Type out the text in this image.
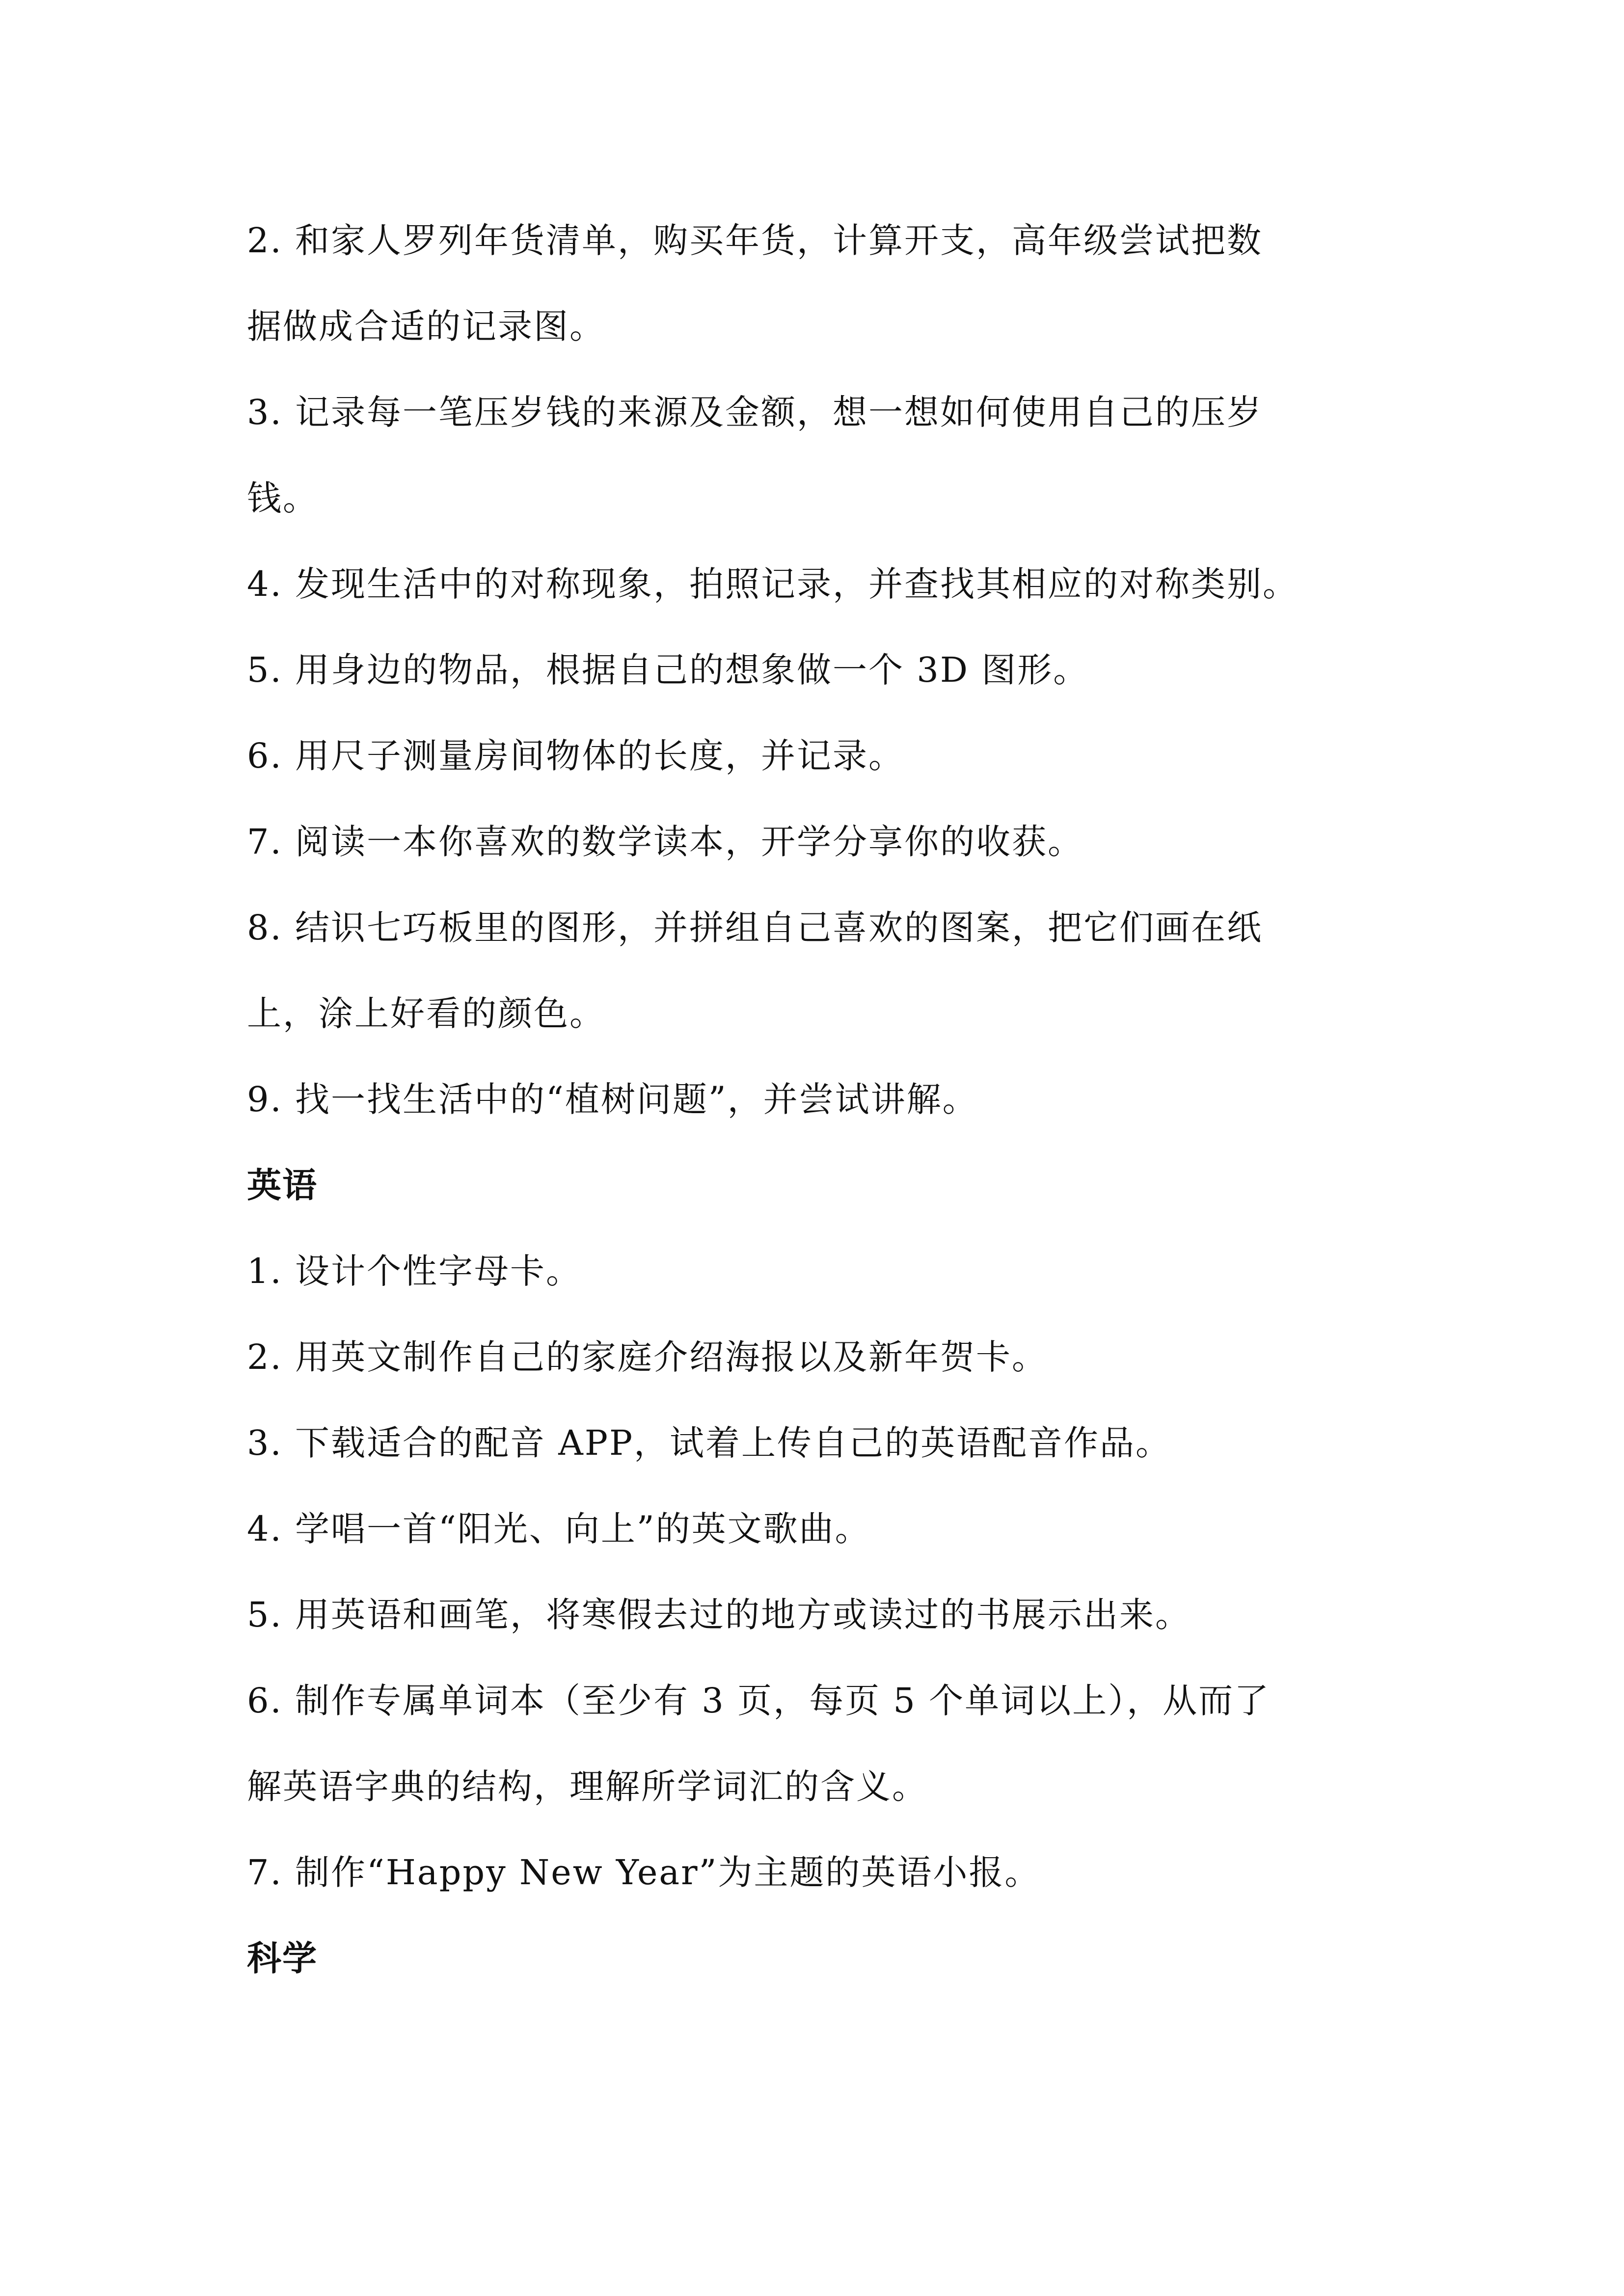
2. 和家人罗列年货清单，购买年货，计算开支，高年级尝试把数

据做成合适的记录图。

3. 记录每一笔压岁钱的来源及金额，想一想如何使用自己的压岁

钱。

4. 发现生活中的对称现象，拍照记录，并查找其相应的对称类别。

5. 用身边的物品，根据自己的想象做一个 3D 图形。

6. 用尺子测量房间物体的长度，并记录。

7. 阅读一本你喜欢的数学读本，开学分享你的收获。

8. 结识七巧板里的图形，并拼组自己喜欢的图案，把它们画在纸

上，涂上好看的颜色。

9. 找一找生活中的“植树问题”，并尝试讲解。

英语

1. 设计个性字母卡。

2. 用英文制作自己的家庭介绍海报以及新年贺卡。

3. 下载适合的配音 APP，试着上传自己的英语配音作品。

4. 学唱一首“阳光、向上”的英文歌曲。

5. 用英语和画笔，将寒假去过的地方或读过的书展示出来。

6. 制作专属单词本（至少有 3 页，每页 5 个单词以上），从而了

解英语字典的结构，理解所学词汇的含义。

7. 制作“Happy New Year”为主题的英语小报。

科学
